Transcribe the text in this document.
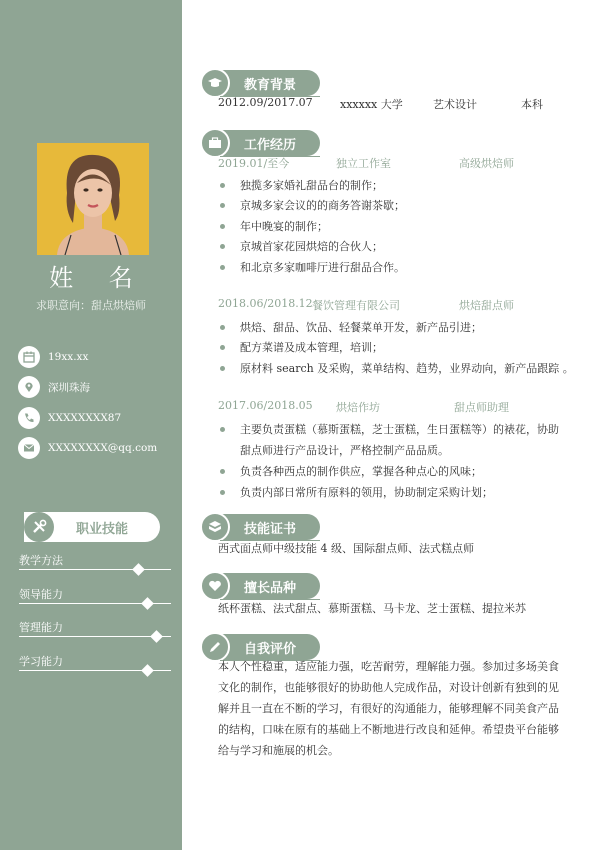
姓 名
求职意向：甜点烘焙师
19xx.xx
深圳珠海
XXXXXXXX87
XXXXXXXX@qq.com
职业技能
教学方法
领导能力
管理能力
学习能力
教育背景
2012.09/2017.07 xxxxxx 大学	艺术设计	本科
工作经历
2019.01/至今	独立工作室	高级烘焙师
独揽多家婚礼甜品台的制作；
京城多家会议的的商务答谢茶歇；
年中晚宴的制作；
京城首家花园烘焙的合伙人；
和北京多家咖啡厅进行甜品合作。
2018.06/2018.12 餐饮管理有限公司	烘焙甜点师
烘焙、甜品、饮品、轻餐菜单开发，新产品引进；
配方菜谱及成本管理，培训；
原材料 search 及采购，菜单结构、趋势，业界动向，新产品跟踪 。
2017.06/2018.05 烘焙作坊	甜点师助理
主要负责蛋糕（慕斯蛋糕，芝士蛋糕，生日蛋糕等）的裱花，协助
甜点师进行产品设计，严格控制产品品质。
负责各种西点的制作供应，掌握各种点心的风味；
负责内部日常所有原料的领用，协助制定采购计划；
技能证书
西式面点师中级技能 4 级、国际甜点师、法式糕点师
擅长品种
纸杯蛋糕、法式甜点、慕斯蛋糕、马卡龙、芝士蛋糕、提拉米苏
自我评价
本人个性稳重，适应能力强，吃苦耐劳，理解能力强。参加过多场美食
文化的制作，也能够很好的协助他人完成作品，对设计创新有独到的见
解并且一直在不断的学习，有很好的沟通能力，能够理解不同美食产品
的结构，口味在原有的基础上不断地进行改良和延伸。希望贵平台能够
给与学习和施展的机会。
